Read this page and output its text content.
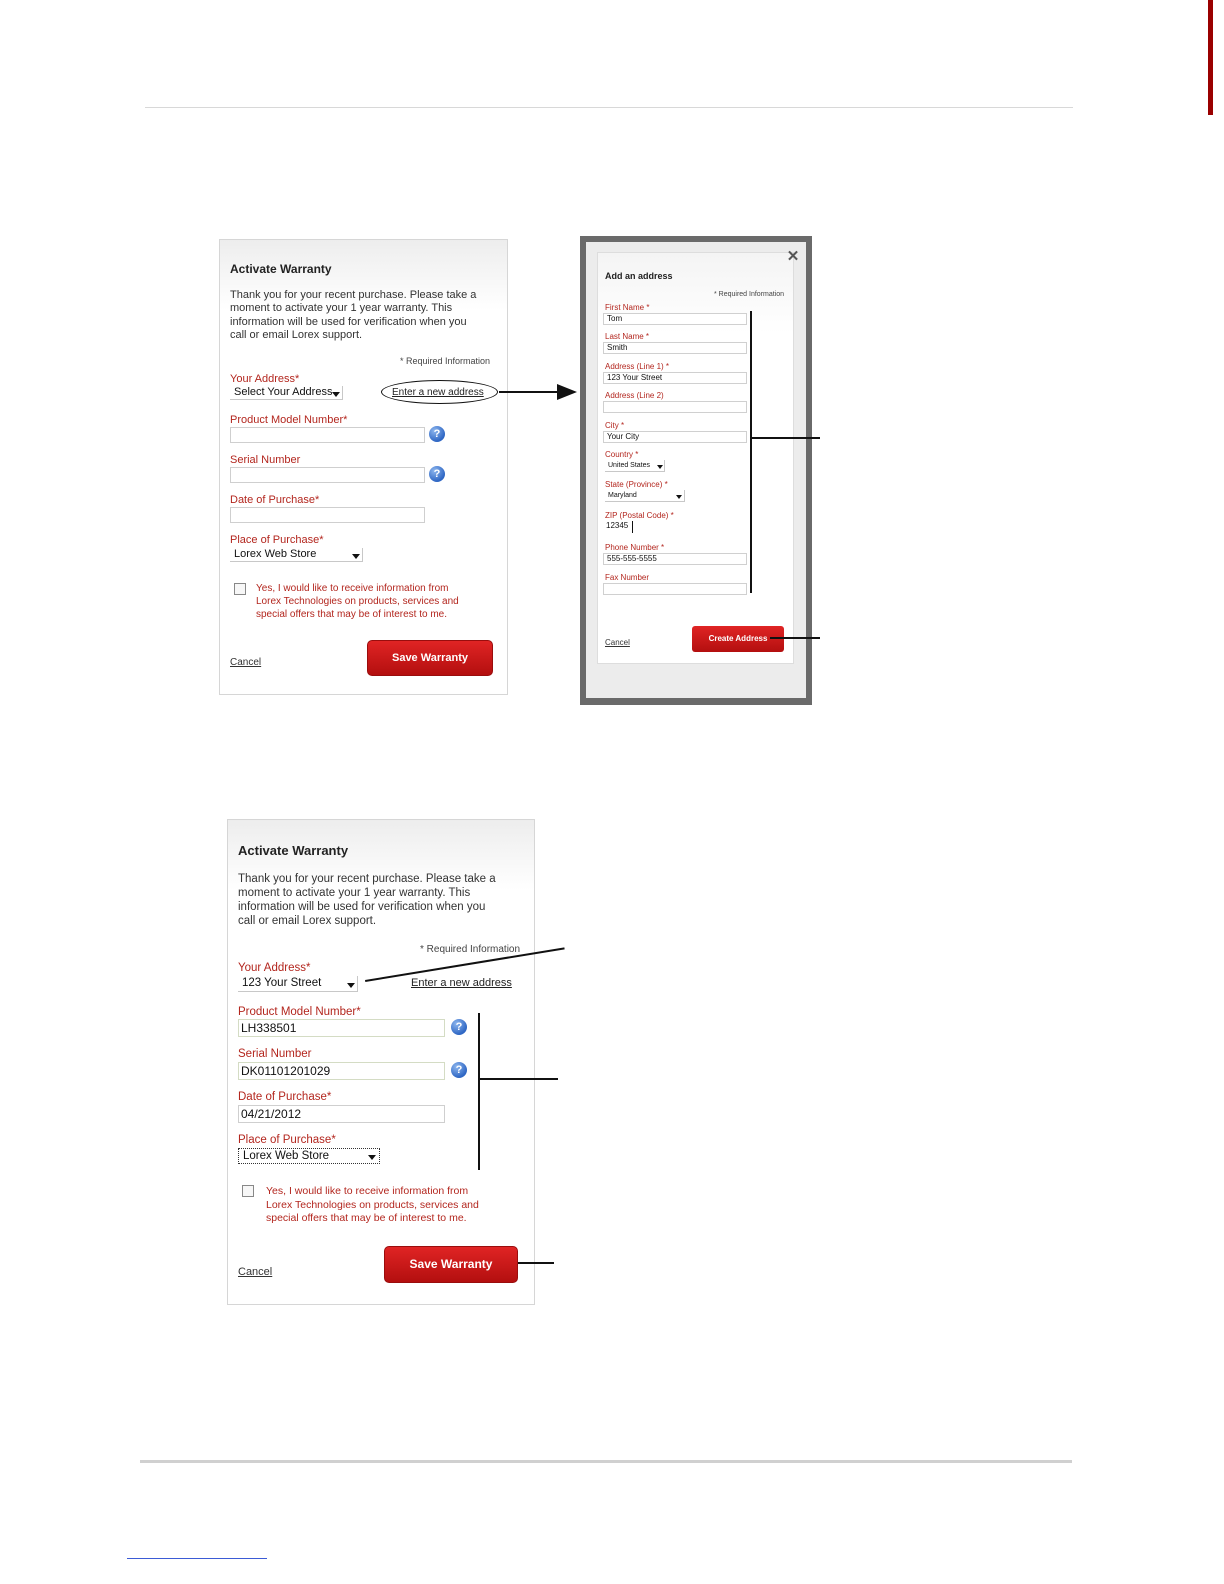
Activate Warranty
Thank you for your recent purchase. Please take a
moment to activate your 1 year warranty. This
information will be used for verification when you
call or email Lorex support.
* Required Information
Your Address*
Select Your Address	Enter a new address
Product Model Number*
?
Serial Number
?
Date of Purchase*
Place of Purchase*
Lorex Web Store
Yes, I would like to receive information from
Lorex Technologies on products, services and
special offers that may be of interest to me.
Cancel	Save Warranty
✕
Add an address
* Required Information
First Name *
Tom
Last Name *
Smith
Address (Line 1) *
123 Your Street
Address (Line 2)
City *
Your City
Country *
United States
State (Province) *
Maryland
ZIP (Postal Code) *
12345
Phone Number *
555-555-5555
Fax Number
Cancel	Create Address
Activate Warranty
Thank you for your recent purchase. Please take a
moment to activate your 1 year warranty. This
information will be used for verification when you
call or email Lorex support.
* Required Information
Your Address*
123 Your Street	Enter a new address
Product Model Number*
LH338501	?
Serial Number
DK01101201029	?
Date of Purchase*
04/21/2012
Place of Purchase*
Lorex Web Store
Yes, I would like to receive information from
Lorex Technologies on products, services and
special offers that may be of interest to me.
Cancel
Save Warranty
